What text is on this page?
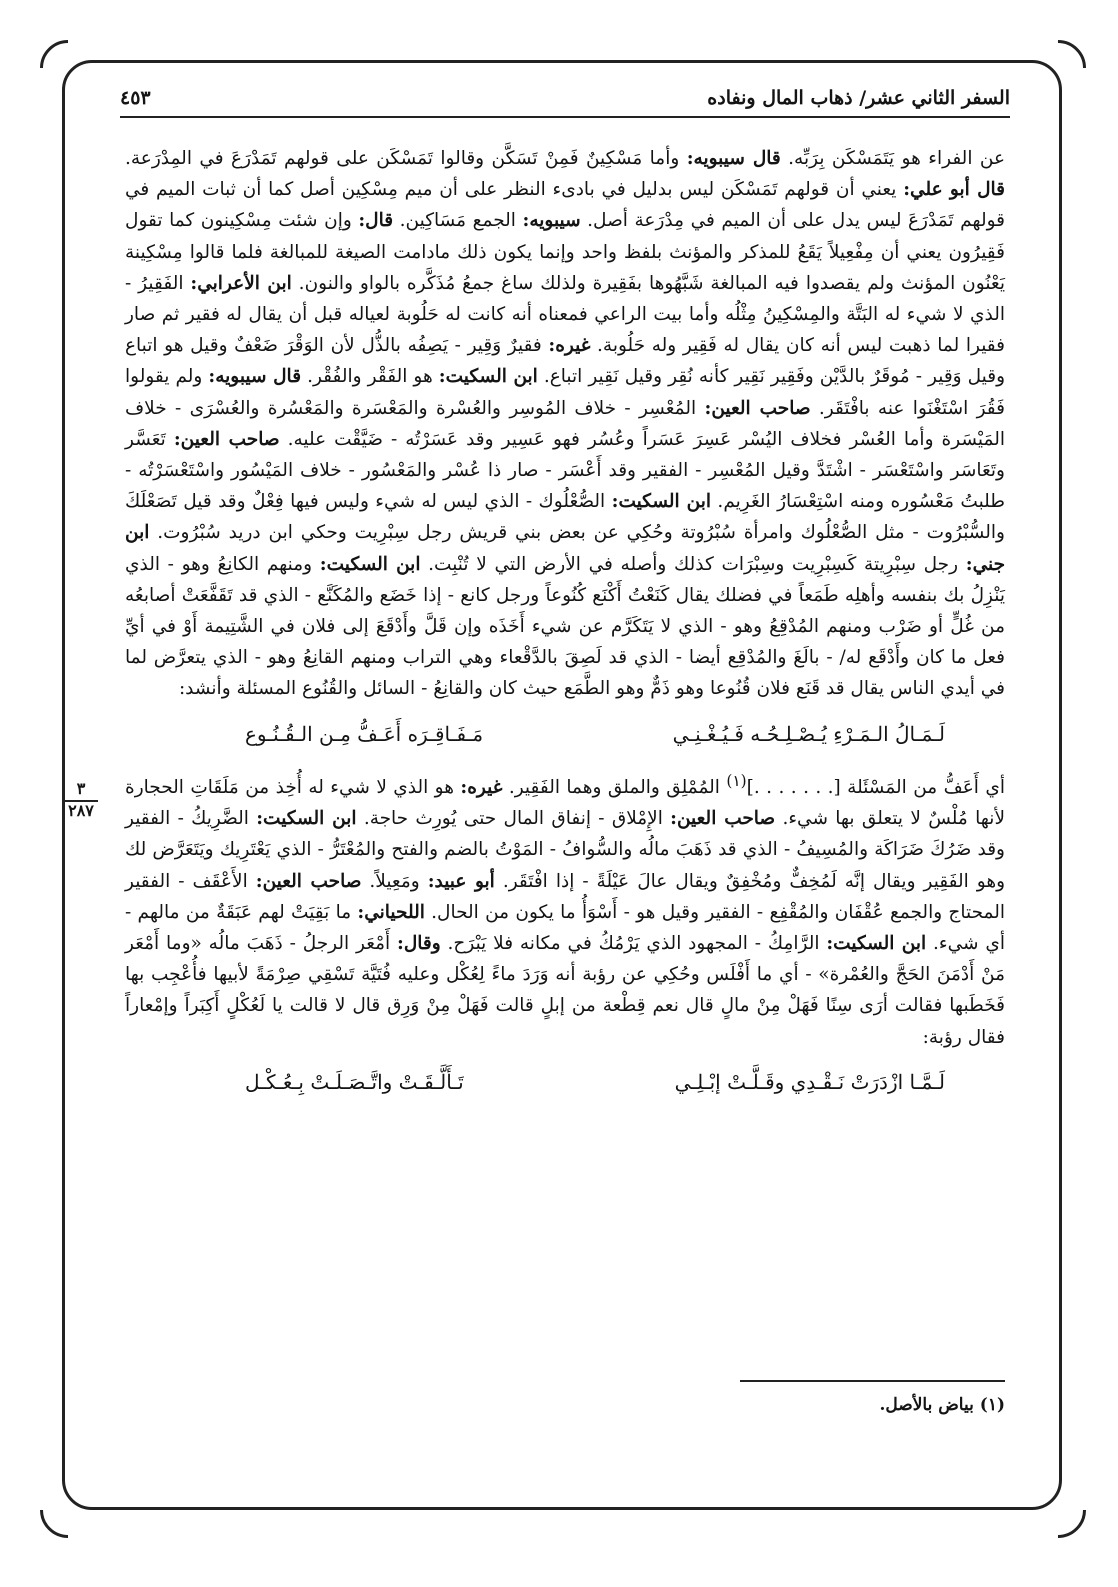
٤٥٣	السفر الثاني عشر/ ذهاب المال ونفاده
٣
٢٨٧

عن الفراء هو يَتَمَسْكَن بِرَبِّه. قال سيبويه: وأما مَسْكِينٌ فَمِنْ تَسَكَّن وقالوا تَمَسْكَن على قولهم تَمَدْرَعَ في المِدْرَعة. قال أبو علي: يعني أن قولهم تَمَسْكَن ليس بدليل في بادىء النظر على أن ميم مِسْكِين أصل كما أن ثبات الميم في قولهم تَمَدْرَعَ ليس يدل على أن الميم في مِدْرَعة أصل. سيبويه: الجمع مَسَاكِين. قال: وإن شئت مِسْكِينون كما تقول فَقِيرُون يعني أن مِفْعِيلاً يَقَعُ للمذكر والمؤنث بلفظ واحد وإنما يكون ذلك مادامت الصيغة للمبالغة فلما قالوا مِسْكِينة يَعْنُون المؤنث ولم يقصدوا فيه المبالغة شَبَّهُوها بفَقِيرة ولذلك ساغ جمعُ مُذَكَّره بالواو والنون. ابن الأعرابي: الفَقِيرُ - الذي لا شيء له البَتَّة والمِسْكِينُ مِثْلُه وأما بيت الراعي فمعناه أنه كانت له حَلُوبة لعياله قبل أن يقال له فقير ثم صار فقيرا لما ذهبت ليس أنه كان يقال له فَقِير وله حَلُوبة. غيره: فقيرٌ وَقِير - يَصِفُه بالذُّل لأن الوَقْرَ ضَعْفٌ وقيل هو اتباع وقيل وَقِير - مُوقَرٌ بالدَّيْن وفَقِير نَقِير كأنه نُقِر وقيل نَقِير اتباع. ابن السكيت: هو الفَقْر والفُقْر. قال سيبويه: ولم يقولوا فَقُرَ اسْتَغْنَوا عنه بافْتَقَر. صاحب العين: المُعْسِر - خلاف المُوسِر والعُسْرة والمَعْسَرة والمَعْسُرة والعُسْرَى - خلاف المَيْسَرة وأما العُسْر فخلاف اليُسْر عَسِرَ عَسَراً وعُسُر فهو عَسِير وقد عَسَرْتُه - ضَيَّقْت عليه. صاحب العين: تَعَسَّر وتَعَاسَر واسْتَعْسَر - اشْتَدَّ وقيل المُعْسِر - الفقير وقد أَعْسَر - صار ذا عُسْر والمَعْسُور - خلاف المَيْسُور واسْتَعْسَرْتُه - طلبتُ مَعْسُوره ومنه اسْتِعْسَارُ الغَرِيم. ابن السكيت: الصُّعْلُوك - الذي ليس له شيء وليس فيها فِعْلٌ وقد قيل تَصَعْلَكَ والسُّبْرُوت - مثل الصُّعْلُوك وامرأة سُبْرُوتة وحُكِي عن بعض بني قريش رجل سِبْرِيت وحكي ابن دريد سُبْرُوت. ابن جني: رجل سِبْرِيتة كَسِبْرِيت وسِبْرَات كذلك وأصله في الأرض التي لا تُنْبِت. ابن السكيت: ومنهم الكانِعُ وهو - الذي يَنْزِلُ بك بنفسه وأهلِه طَمَعاً في فضلك يقال كَنَعْتُ أَكْنَع كُنُوعاً ورجل كانع - إذا خَضَع والمُكَنَّع - الذي قد تَقَفَّعَتْ أصابعُه من غُلٍّ أو ضَرْب ومنهم المُدْقِعُ وهو - الذي لا يَتَكَرَّم عن شيء أَخَذَه وإن قَلَّ وأَدْقَعَ إلى فلان في الشَّتِيمة أَوْ في أيِّ فعل ما كان وأَدْقَع له/ - بالَغَ والمُدْقِع أيضا - الذي قد لَصِقَ بالدَّقْعاء وهي التراب ومنهم القانِعُ وهو - الذي يتعرَّض لما في أيدي الناس يقال قد قَنَع فلان قُنُوعا وهو ذَمٌّ وهو الطَّمَع حيث كان والقانِعُ - السائل والقُنُوع المسئلة وأنشد:

لَـمَـالُ الـمَـرْءِ يُـصْـلِـحُـه فَـيُـغْـنِـي
مَـفَـاقِـرَه أَعَـفُّ مِـن الـقُـنُـوع

أي أَعَفُّ من المَسْئَلة [. . . . . . .]$^{(١)}$ المُمْلِق والملق وهما الفَقِير. غيره: هو الذي لا شيء له أُخِذ من مَلَقَاتِ الحجارة لأنها مُلْسٌ لا يتعلق بها شيء. صاحب العين: الإِمْلاق - إنفاق المال حتى يُورِث حاجة. ابن السكيت: الضَّرِيكُ - الفقير وقد ضَرُكَ ضَرَاكَة والمُسِيفُ - الذي قد ذَهَبَ مالُه والسُّوافُ - المَوْتُ بالضم والفتح والمُعْتَرُّ - الذي يَعْتَرِيك ويَتَعَرَّض لك وهو الفَقِير ويقال إنَّه لَمُخِفٌّ ومُخْفِقٌ ويقال عالَ عَيْلَةً - إذا افْتَقَر. أبو عبيد: ومَعِيلاً. صاحب العين: الأَعْقَف - الفقير المحتاج والجمع عُقْفَان والمُقْفِع - الفقير وقيل هو - أَسْوَأُ ما يكون من الحال. اللحياني: ما بَقِيَتْ لهم عَبَقَةٌ من مالهم - أي شيء. ابن السكيت: الرَّامِكُ - المجهود الذي يَرْمُكُ في مكانه فلا يَبْرَح. وقال: أَمْعَر الرجلُ - ذَهَبَ مالُه «وما أَمْعَر مَنْ أَدْمَنَ الحَجَّ والعُمْرة» - أي ما أَفْلَس وحُكِي عن رؤبة أنه وَرَدَ ماءً لِعُكْل وعليه فُتَيَّة تَسْقِي صِرْمَةً لأبيها فأُعْجِب بها فَخَطَبها فقالت أرَى سِنًا فَهَلْ مِنْ مالٍ قال نعم قِطْعة من إبلٍ قالت فَهَلْ مِنْ وَرِق قال لا قالت يا لَعُكْلٍ أَكِبَراً وإمْعاراً فقال رؤبة:

لَـمَّـا ازْدَرَتْ نَـقْـدِي وقَـلَّـتْ إبْـلِـي
تَـأَلَّـقَـتْ واتَّـصَـلَـتْ بِـعُـكْـل
(١) بياض بالأصل.
